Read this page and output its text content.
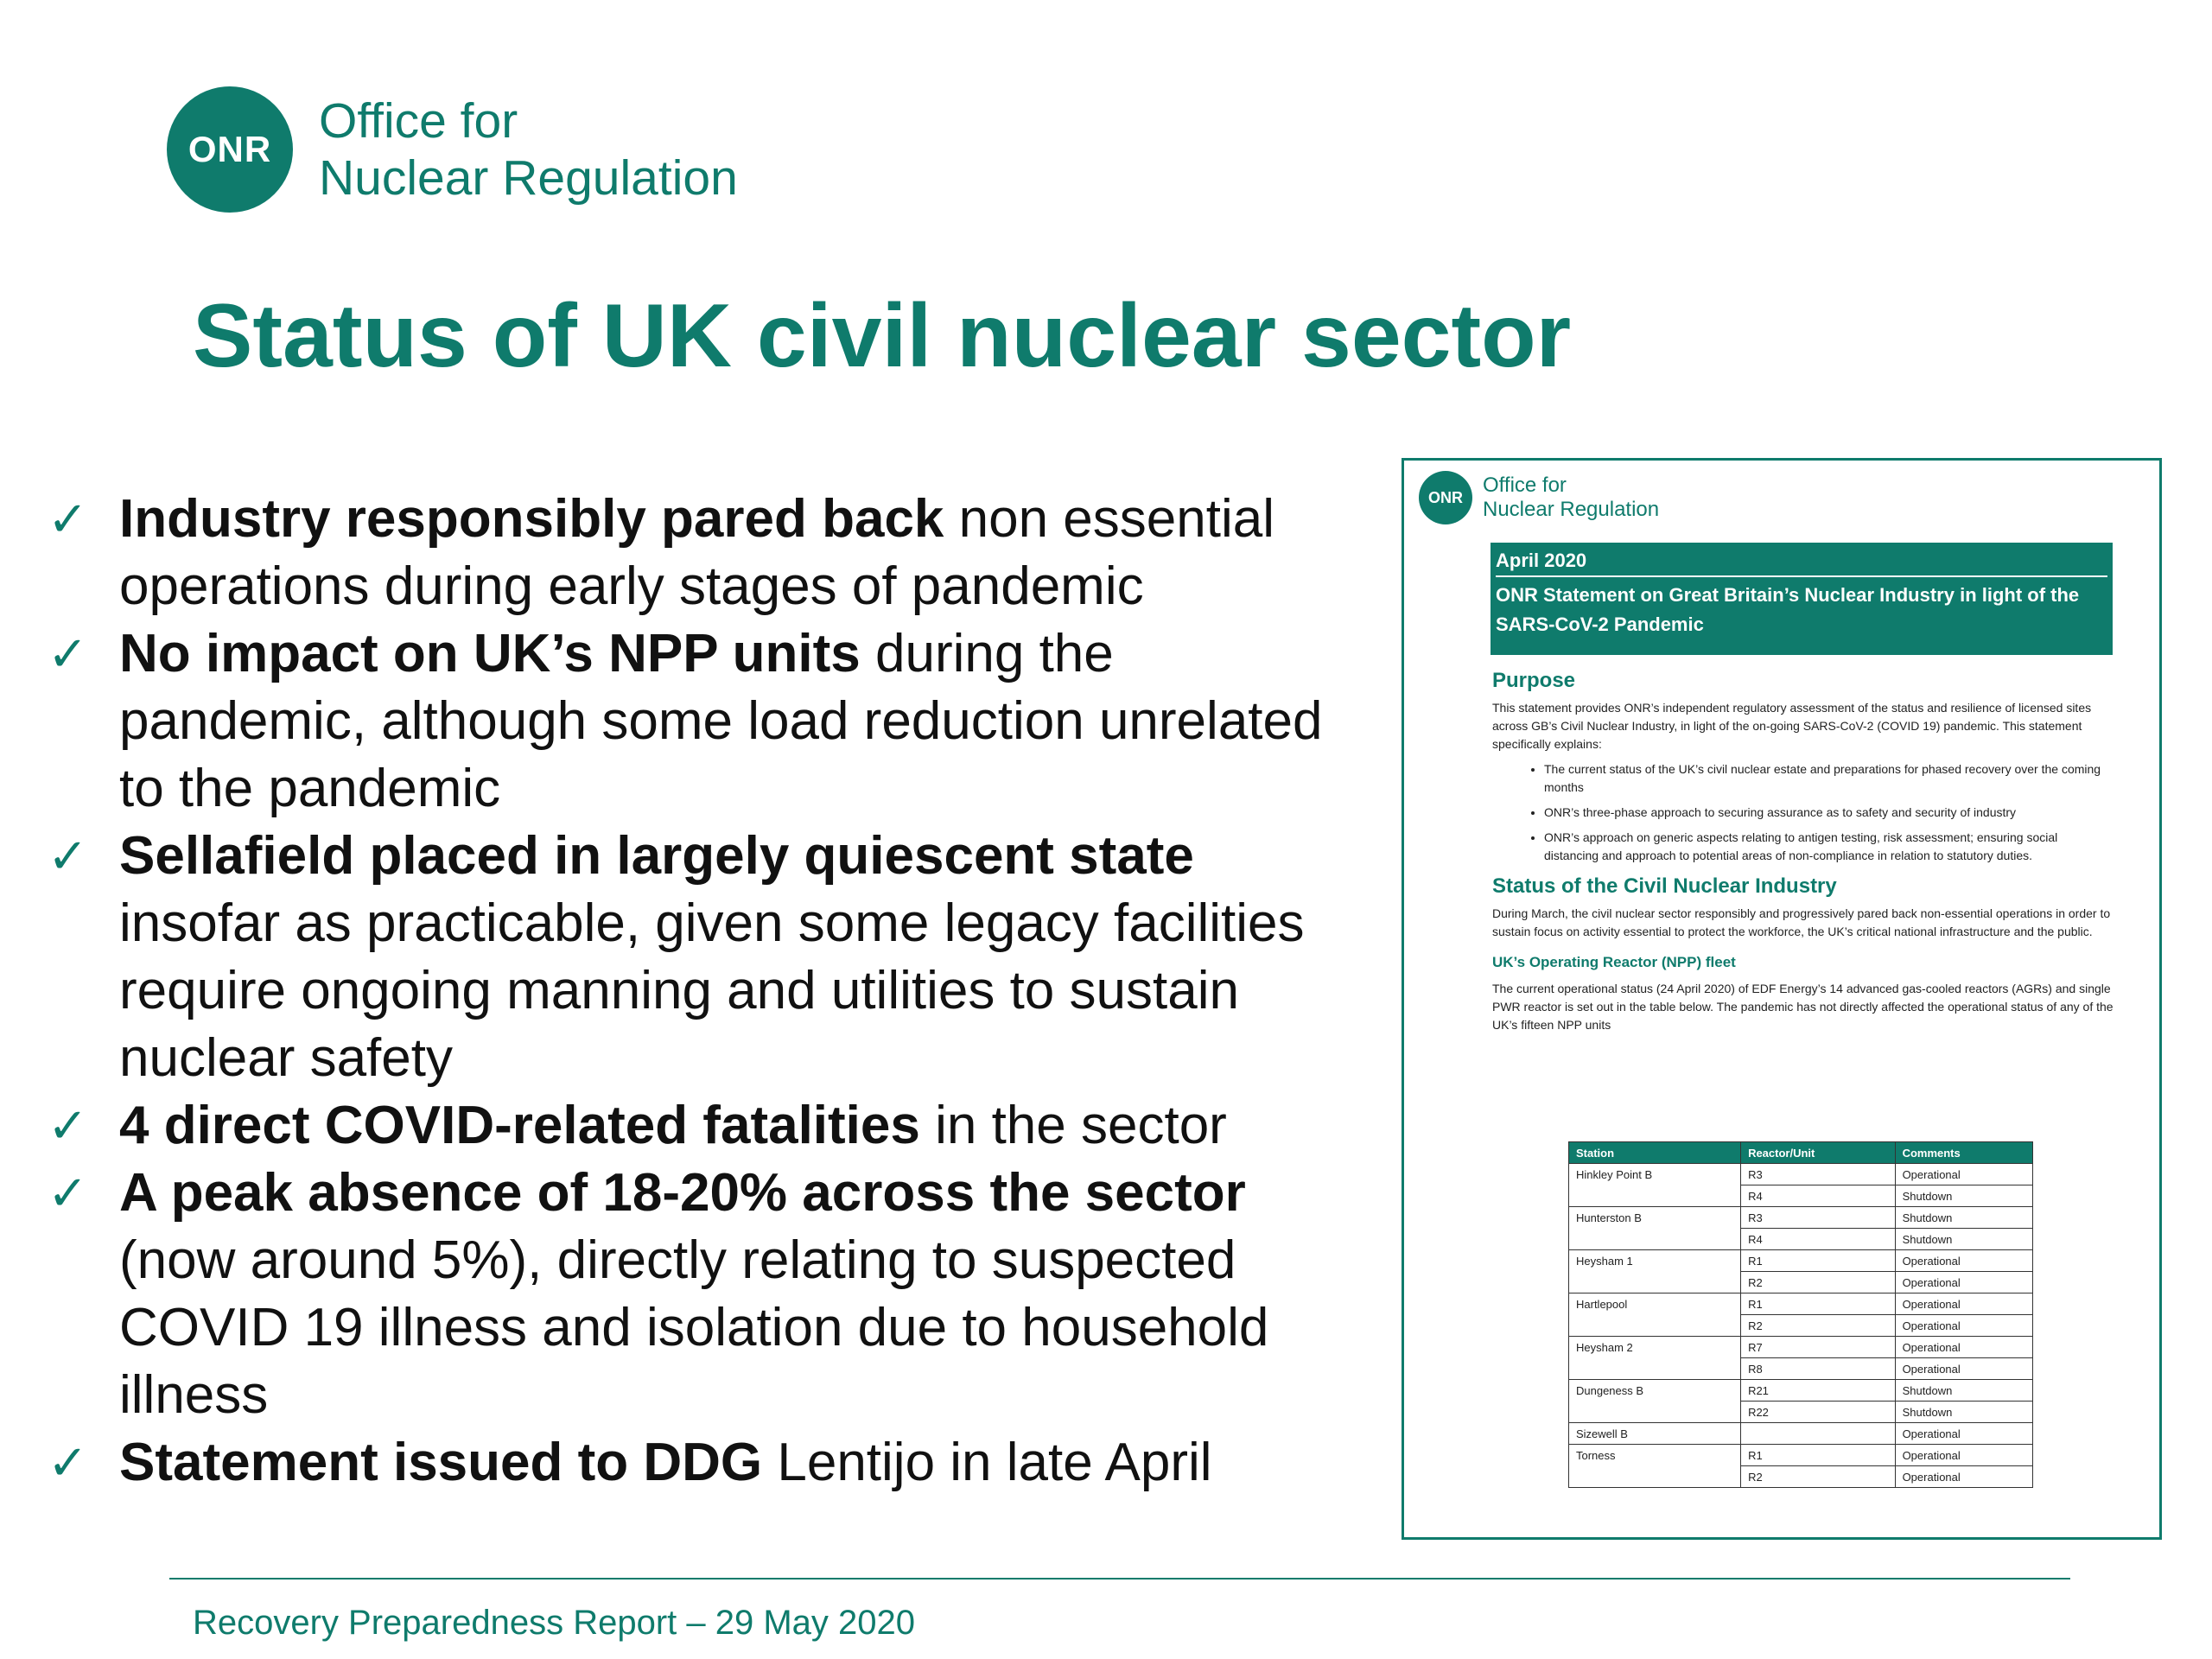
ONR
Office for
Nuclear Regulation
Status of UK civil nuclear sector
✓ Industry responsibly pared back non essential operations during early stages of pandemic
✓ No impact on UK’s NPP units during the pandemic, although some load reduction unrelated to the pandemic
✓ Sellafield placed in largely quiescent state insofar as practicable, given some legacy facilities require ongoing manning and utilities to sustain nuclear safety
✓ 4 direct COVID-related fatalities in the sector
✓ A peak absence of 18-20% across the sector (now around 5%), directly relating to suspected COVID 19 illness and isolation due to household illness
✓ Statement issued to DDG Lentijo in late April
ONR
Office for
Nuclear Regulation
April 2020
ONR Statement on Great Britain’s Nuclear Industry in light of the SARS-CoV-2 Pandemic

Purpose

This statement provides ONR’s independent regulatory assessment of the status and resilience of licensed sites across GB’s Civil Nuclear Industry, in light of the on-going SARS-CoV-2 (COVID 19) pandemic. This statement specifically explains:

• The current status of the UK’s civil nuclear estate and preparations for phased recovery over the coming months
• ONR’s three-phase approach to securing assurance as to safety and security of industry
• ONR’s approach on generic aspects relating to antigen testing, risk assessment; ensuring social distancing and approach to potential areas of non-compliance in relation to statutory duties.

Status of the Civil Nuclear Industry

During March, the civil nuclear sector responsibly and progressively pared back non-essential operations in order to sustain focus on activity essential to protect the workforce, the UK’s critical national infrastructure and the public.

UK’s Operating Reactor (NPP) fleet

The current operational status (24 April 2020) of EDF Energy’s 14 advanced gas-cooled reactors (AGRs) and single PWR reactor is set out in the table below. The pandemic has not directly affected the operational status of any of the UK’s fifteen NPP units

Station	Reactor/Unit	Comments
Hinkley Point B	R3	Operational
	R4	Shutdown
Hunterston B	R3	Shutdown
	R4	Shutdown
Heysham 1	R1	Operational
	R2	Operational
Hartlepool	R1	Operational
	R2	Operational
Heysham 2	R7	Operational
	R8	Operational
Dungeness B	R21	Shutdown
	R22	Shutdown
Sizewell B		Operational
Torness	R1	Operational
	R2	Operational
Recovery Preparedness Report – 29 May 2020
